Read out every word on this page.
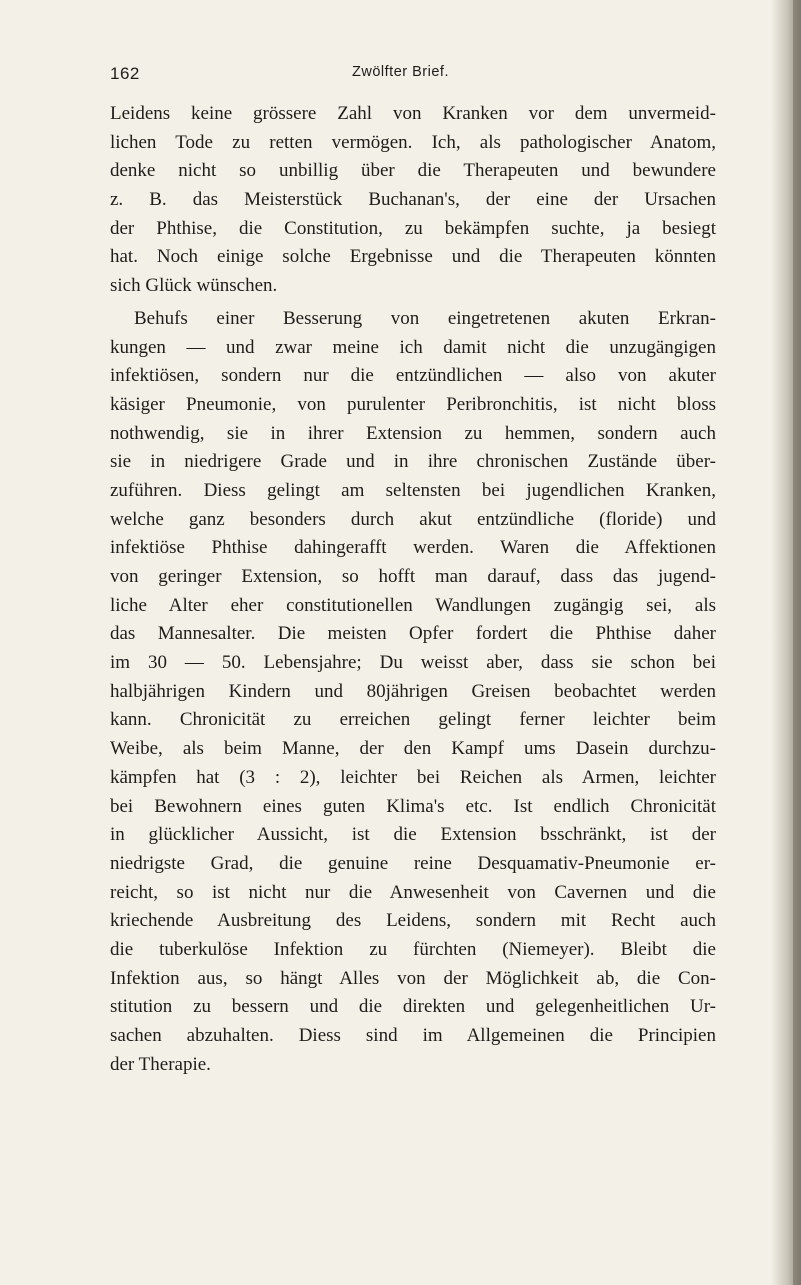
162	Zwölfter Brief.
Leidens keine grössere Zahl von Kranken vor dem unvermeid-
lichen Tode zu retten vermögen. Ich, als pathologischer Anatom,
denke nicht so unbillig über die Therapeuten und bewundere
z. B. das Meisterstück Buchanan's, der eine der Ursachen
der Phthise, die Constitution, zu bekämpfen suchte, ja besiegt
hat. Noch einige solche Ergebnisse und die Therapeuten könnten
sich Glück wünschen.
Behufs einer Besserung von eingetretenen akuten Erkran-
kungen — und zwar meine ich damit nicht die unzugängigen
infektiösen, sondern nur die entzündlichen — also von akuter
käsiger Pneumonie, von purulenter Peribronchitis, ist nicht bloss
nothwendig, sie in ihrer Extension zu hemmen, sondern auch
sie in niedrigere Grade und in ihre chronischen Zustände über-
zuführen. Diess gelingt am seltensten bei jugendlichen Kranken,
welche ganz besonders durch akut entzündliche (floride) und
infektiöse Phthise dahingerafft werden. Waren die Affektionen
von geringer Extension, so hofft man darauf, dass das jugend-
liche Alter eher constitutionellen Wandlungen zugängig sei, als
das Mannesalter. Die meisten Opfer fordert die Phthise daher
im 30 — 50. Lebensjahre; Du weisst aber, dass sie schon bei
halbjährigen Kindern und 80jährigen Greisen beobachtet werden
kann. Chronicität zu erreichen gelingt ferner leichter beim
Weibe, als beim Manne, der den Kampf ums Dasein durchzu-
kämpfen hat (3 : 2), leichter bei Reichen als Armen, leichter
bei Bewohnern eines guten Klima's etc. Ist endlich Chronicität
in glücklicher Aussicht, ist die Extension bsschränkt, ist der
niedrigste Grad, die genuine reine Desquamativ-Pneumonie er-
reicht, so ist nicht nur die Anwesenheit von Cavernen und die
kriechende Ausbreitung des Leidens, sondern mit Recht auch
die tuberkulöse Infektion zu fürchten (Niemeyer). Bleibt die
Infektion aus, so hängt Alles von der Möglichkeit ab, die Con-
stitution zu bessern und die direkten und gelegenheitlichen Ur-
sachen abzuhalten. Diess sind im Allgemeinen die Principien
der Therapie.
